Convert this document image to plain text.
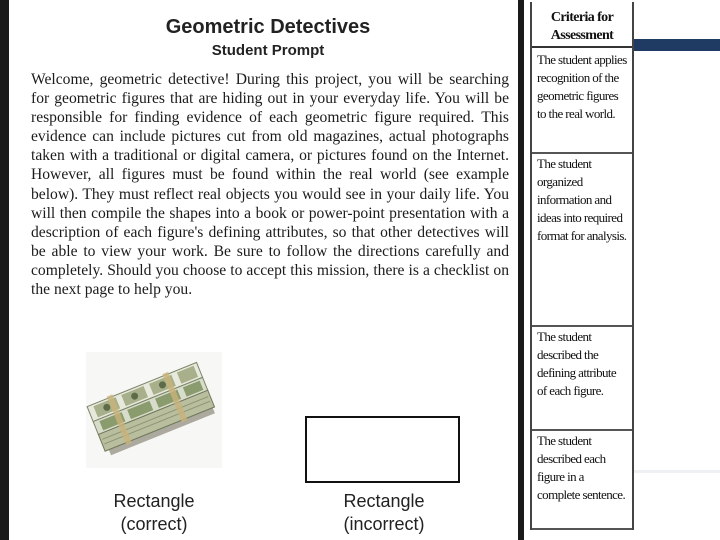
Geometric Detectives
Student Prompt

Welcome, geometric detective! During this project, you will be searching for geometric figures that are hiding out in your everyday life. You will be responsible for finding evidence of each geometric figure required. This evidence can include pictures cut from old magazines, actual photographs taken with a traditional or digital camera, or pictures found on the Internet. However, all figures must be found within the real world (see example below). They must reflect real objects you would see in your daily life. You will then compile the shapes into a book or power-point presentation with a description of each figure's defining attributes, so that other detectives will be able to view your work. Be sure to follow the directions carefully and completely. Should you choose to accept this mission, there is a checklist on the next page to help you.

Rectangle
(correct)
Rectangle
(incorrect)
Criteria for Assessment
The student applies recognition of the geometric figures to the real world.
The student organized information and ideas into required format for analysis.
The student described the defining attribute of each figure.
The student described each figure in a complete sentence.
